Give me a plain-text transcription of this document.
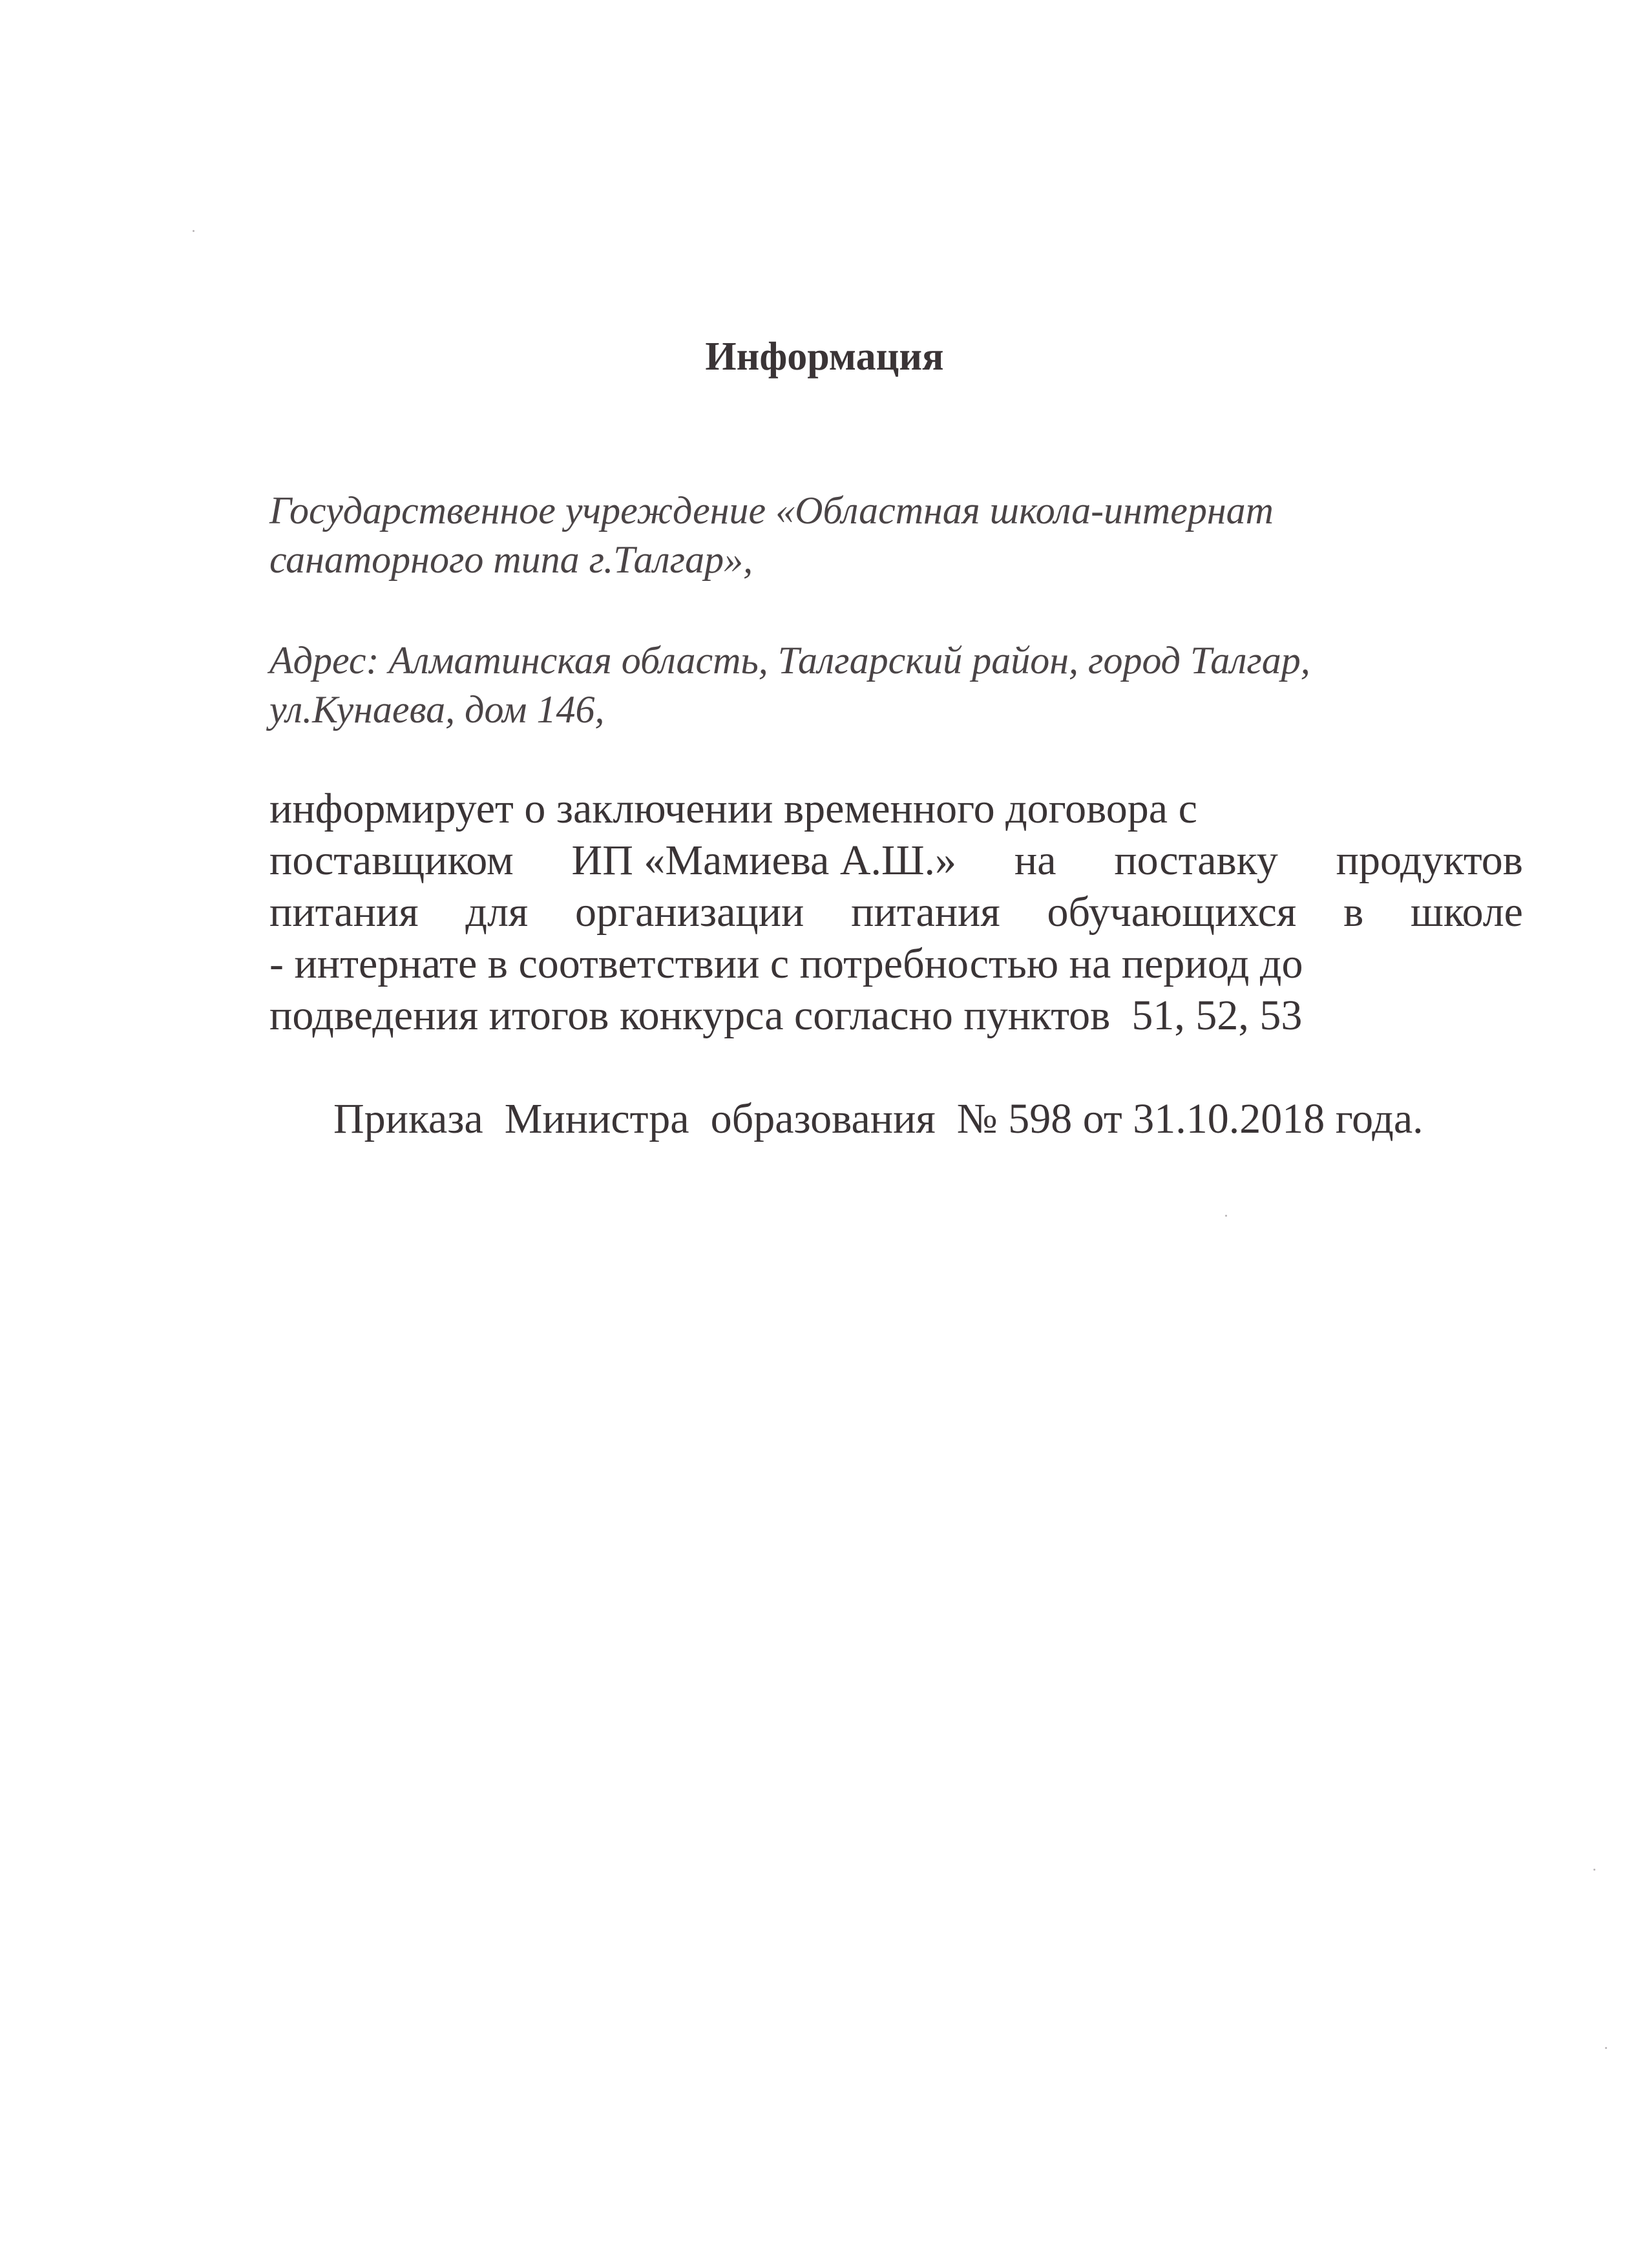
Информация

Государственное учреждение «Областная школа-интернат

санаторного типа г.Талгар»,

Адрес: Алматинская область, Талгарский район, город Талгар,

ул.Кунаева, дом 146,

информирует о заключении временного договора с
поставщиком ИП «Мамиева А.Ш.» на поставку продуктов
питания для организации питания обучающихся в школе
- интернате в соответствии с потребностью на период до
подведения итогов конкурса согласно пунктов  51, 52, 53

Приказа Министра образования № 598 от 31.10.2018 года.
